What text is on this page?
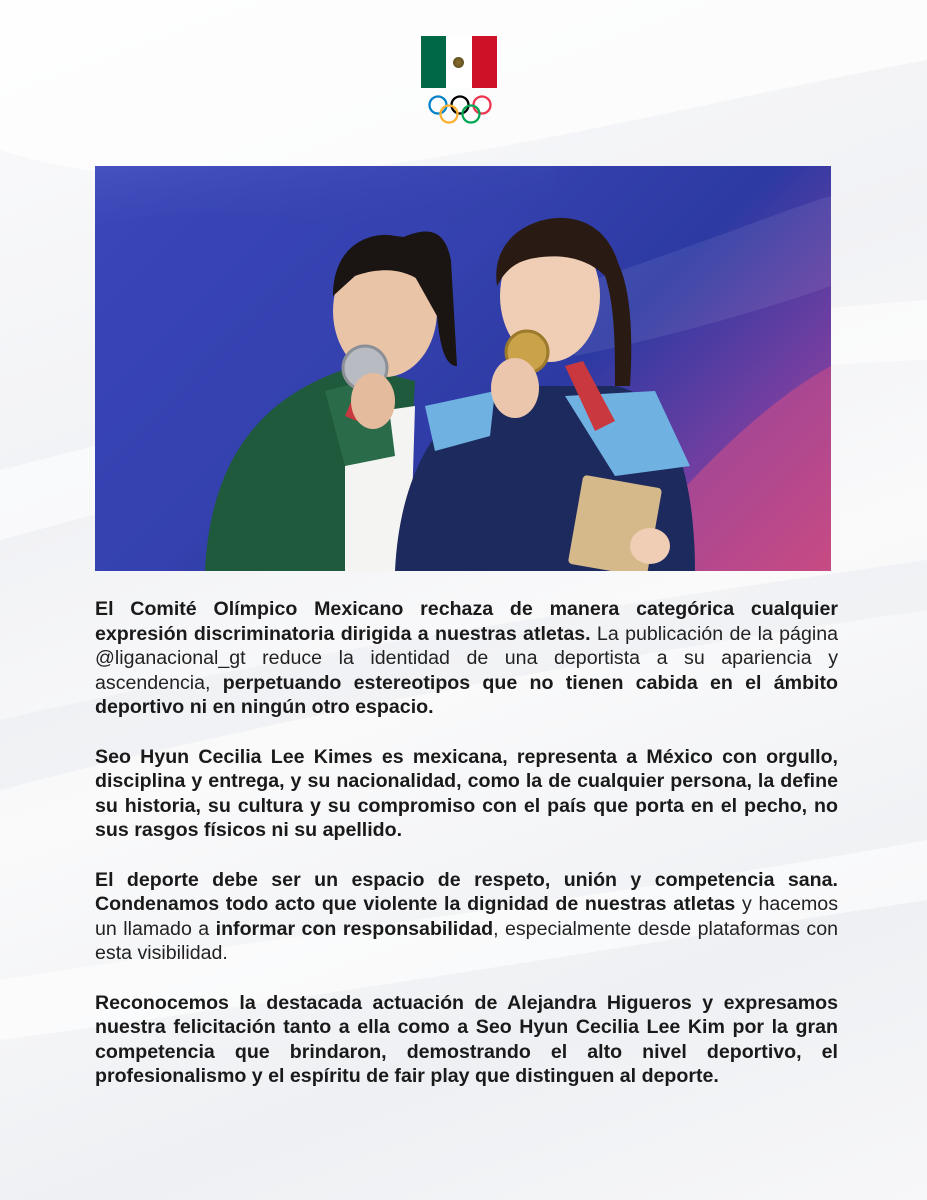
El Comité Olímpico Mexicano rechaza de manera categórica cualquier expresión discriminatoria dirigida a nuestras atletas. La publicación de la página @liganacional_gt reduce la identidad de una deportista a su apariencia y ascendencia, perpetuando estereotipos que no tienen cabida en el ámbito deportivo ni en ningún otro espacio.

Seo Hyun Cecilia Lee Kimes es mexicana, representa a México con orgullo, disciplina y entrega, y su nacionalidad, como la de cualquier persona, la define su historia, su cultura y su compromiso con el país que porta en el pecho, no sus rasgos físicos ni su apellido.

El deporte debe ser un espacio de respeto, unión y competencia sana. Condenamos todo acto que violente la dignidad de nuestras atletas y hacemos un llamado a informar con responsabilidad, especialmente desde plataformas con esta visibilidad.

Reconocemos la destacada actuación de Alejandra Higueros y expresamos nuestra felicitación tanto a ella como a Seo Hyun Cecilia Lee Kim por la gran competencia que brindaron, demostrando el alto nivel deportivo, el profesionalismo y el espíritu de fair play que distinguen al deporte.
